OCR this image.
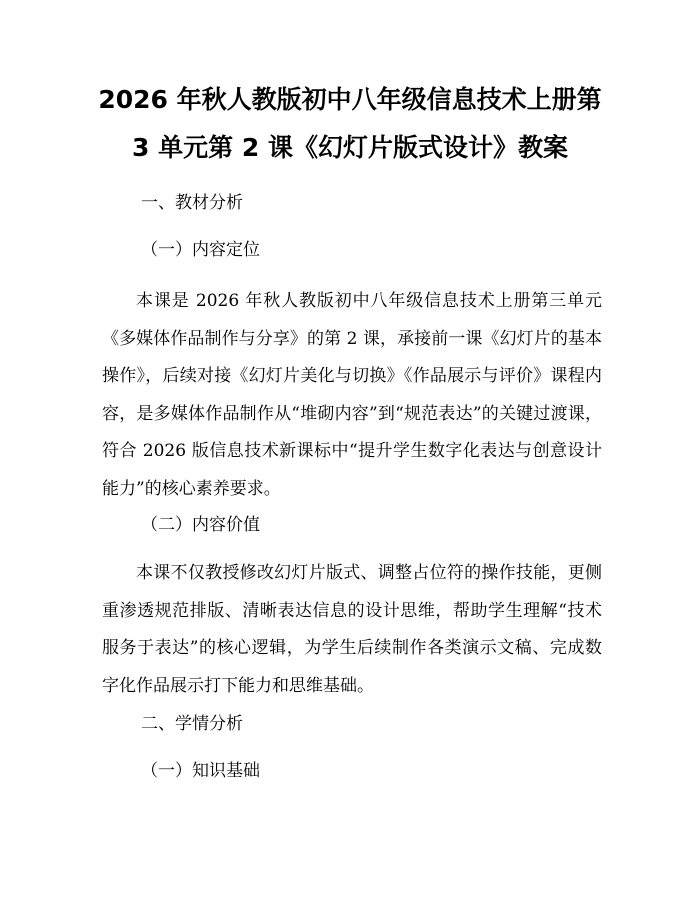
2026 年秋人教版初中八年级信息技术上册第
3 单元第 2 课《幻灯片版式设计》教案
一、教材分析
（一）内容定位

本课是 2026 年秋人教版初中八年级信息技术上册第三单元《多媒体作品制作与分享》的第 2 课，承接前一课《幻灯片的基本操作》，后续对接《幻灯片美化与切换》《作品展示与评价》课程内容，是多媒体作品制作从“堆砌内容”到“规范表达”的关键过渡课，符合 2026 版信息技术新课标中“提升学生数字化表达与创意设计能力”的核心素养要求。

（二）内容价值

本课不仅教授修改幻灯片版式、调整占位符的操作技能，更侧重渗透规范排版、清晰表达信息的设计思维，帮助学生理解“技术服务于表达”的核心逻辑，为学生后续制作各类演示文稿、完成数字化作品展示打下能力和思维基础。

二、学情分析
（一）知识基础
